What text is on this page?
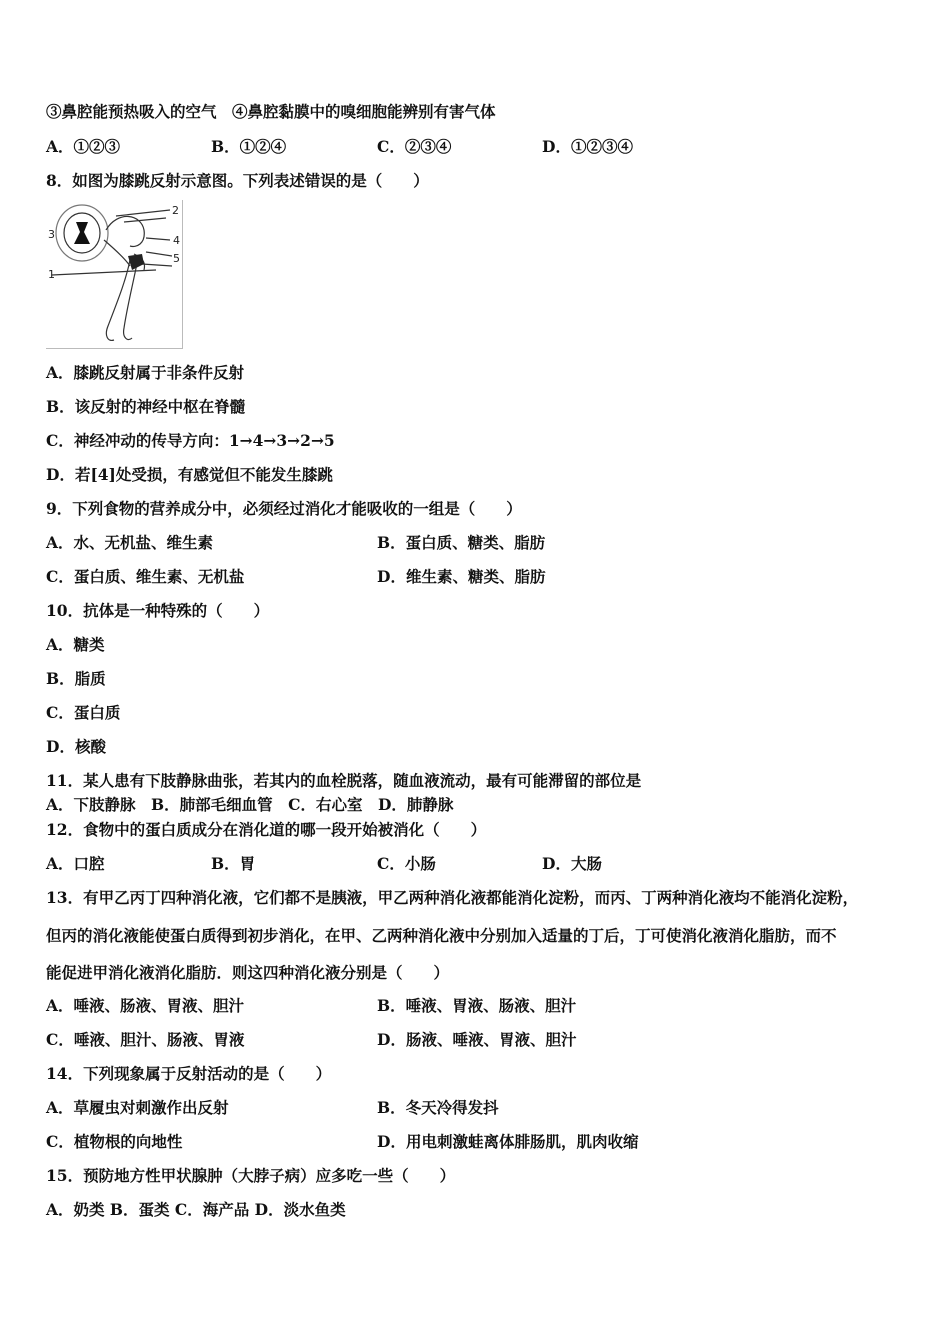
③鼻腔能预热吸入的空气　④鼻腔黏膜中的嗅细胞能辨别有害气体
A．①②③	B．①②④	C．②③④	D．①②③④
8．如图为膝跳反射示意图。下列表述错误的是（　　）
2
3	4
5
1
A．膝跳反射属于非条件反射
B．该反射的神经中枢在脊髓
C．神经冲动的传导方向：1→4→3→2→5
D．若[4]处受损，有感觉但不能发生膝跳
9．下列食物的营养成分中，必须经过消化才能吸收的一组是（　　）
A．水、无机盐、维生素	B．蛋白质、糖类、脂肪
C．蛋白质、维生素、无机盐	D．维生素、糖类、脂肪
10．抗体是一种特殊的（　　）
A．糖类
B．脂质
C．蛋白质
D．核酸
11．某人患有下肢静脉曲张，若其内的血栓脱落，随血液流动，最有可能滞留的部位是
A．下肢静脉　B．肺部毛细血管　C．右心室　D．肺静脉
12．食物中的蛋白质成分在消化道的哪一段开始被消化（　　）
A．口腔	B．胃	C．小肠	D．大肠
13．有甲乙丙丁四种消化液，它们都不是胰液，甲乙两种消化液都能消化淀粉，而丙、丁两种消化液均不能消化淀粉，
但丙的消化液能使蛋白质得到初步消化，在甲、乙两种消化液中分别加入适量的丁后，丁可使消化液消化脂肪，而不
能促进甲消化液消化脂肪．则这四种消化液分别是（　　）
A．唾液、肠液、胃液、胆汁	B．唾液、胃液、肠液、胆汁
C．唾液、胆汁、肠液、胃液	D．肠液、唾液、胃液、胆汁
14．下列现象属于反射活动的是（　　）
A．草履虫对刺激作出反射	B．冬天冷得发抖
C．植物根的向地性	D．用电刺激蛙离体腓肠肌，肌肉收缩
15．预防地方性甲状腺肿（大脖子病）应多吃一些（　　）
A．奶类 B．蛋类 C．海产品 D．淡水鱼类
